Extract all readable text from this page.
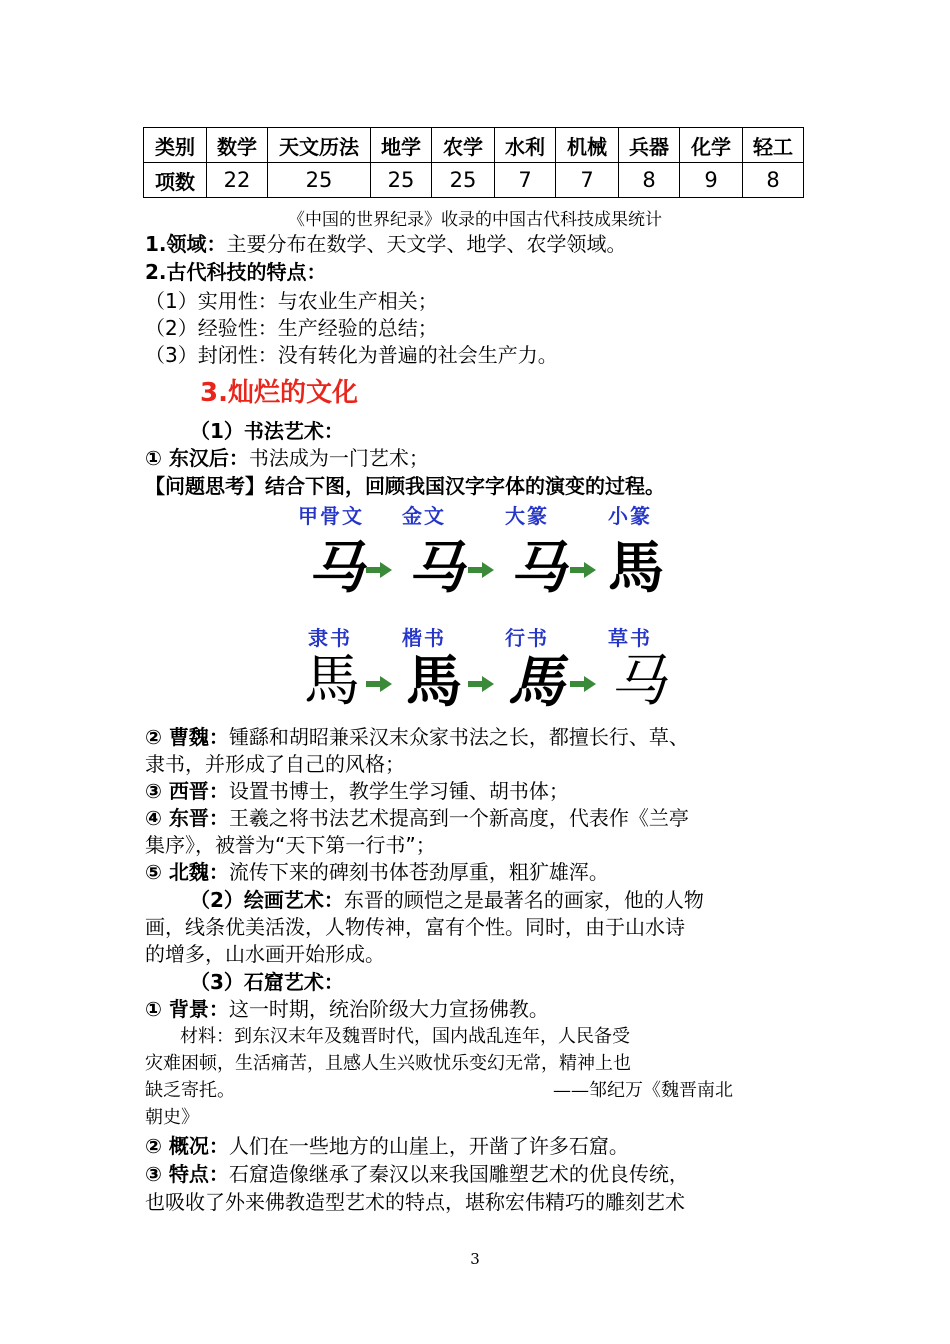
类别	数学	天文历法	地学	农学	水利	机械	兵器	化学	轻工
项数	22	25	25	25	7	7	8	9	8
《中国的世界纪录》收录的中国古代科技成果统计
1.领域：主要分布在数学、天文学、地学、农学领域。
2.古代科技的特点：
（1）实用性：与农业生产相关；
（2）经验性：生产经验的总结；
（3）封闭性：没有转化为普遍的社会生产力。
3.灿烂的文化
（1）书法艺术：
① 东汉后：书法成为一门艺术；
【问题思考】结合下图，回顾我国汉字字体的演变的过程。
甲骨文 金文	大篆	小篆
马 马 马 馬
隶书	楷书	行书	草书
馬 馬 馬 马
② 曹魏：锺繇和胡昭兼采汉末众家书法之长，都擅长行、草、
隶书，并形成了自己的风格；
③ 西晋：设置书博士，教学生学习锺、胡书体；
④ 东晋：王羲之将书法艺术提高到一个新高度，代表作《兰亭
集序》，被誉为“天下第一行书”；
⑤ 北魏：流传下来的碑刻书体苍劲厚重，粗犷雄浑。
（2）绘画艺术：东晋的顾恺之是最著名的画家，他的人物
画，线条优美活泼，人物传神，富有个性。同时，由于山水诗
的增多，山水画开始形成。
（3）石窟艺术：
① 背景：这一时期，统治阶级大力宣扬佛教。
材料：到东汉末年及魏晋时代，国内战乱连年，人民备受
灾难困顿，生活痛苦，且感人生兴败忧乐变幻无常，精神上也
缺乏寄托。	——邹纪万《魏晋南北
朝史》
② 概况：人们在一些地方的山崖上，开凿了许多石窟。
③ 特点：石窟造像继承了秦汉以来我国雕塑艺术的优良传统，
也吸收了外来佛教造型艺术的特点，堪称宏伟精巧的雕刻艺术
3
